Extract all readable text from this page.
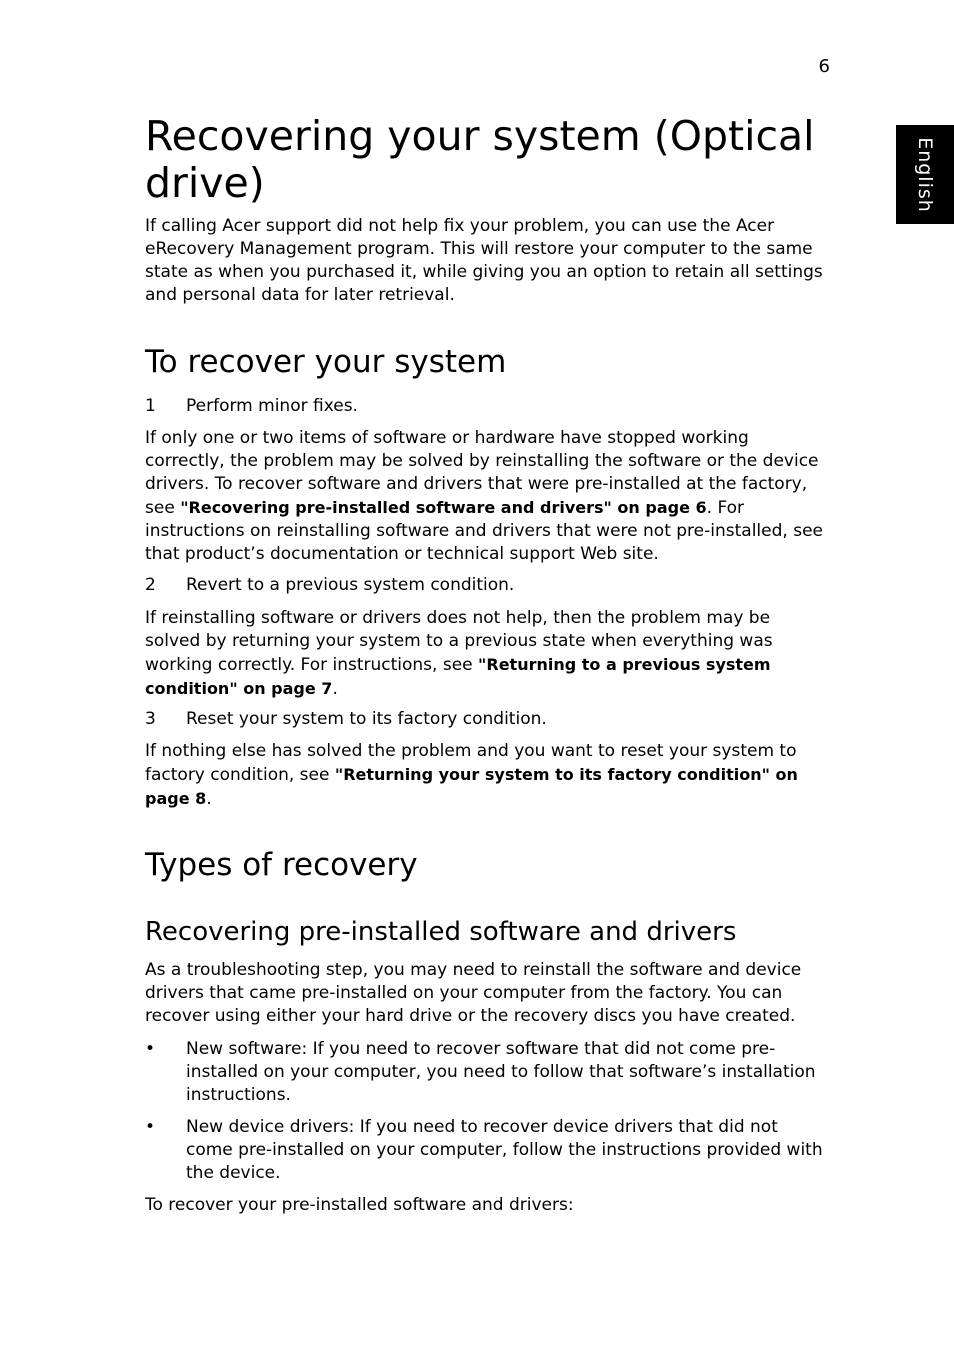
6
English
Recovering your system (Optical drive)

If calling Acer support did not help fix your problem, you can use the Acer eRecovery Management program. This will restore your computer to the same state as when you purchased it, while giving you an option to retain all settings and personal data for later retrieval.

To recover your system
1 Perform minor fixes.

If only one or two items of software or hardware have stopped working correctly, the problem may be solved by reinstalling the software or the device drivers. To recover software and drivers that were pre-installed at the factory, see "Recovering pre-installed software and drivers" on page 6. For instructions on reinstalling software and drivers that were not pre-installed, see that product’s documentation or technical support Web site.

2 Revert to a previous system condition.

If reinstalling software or drivers does not help, then the problem may be solved by returning your system to a previous state when everything was working correctly. For instructions, see "Returning to a previous system condition" on page 7.

3 Reset your system to its factory condition.

If nothing else has solved the problem and you want to reset your system to factory condition, see "Returning your system to its factory condition" on page 8.

Types of recovery
Recovering pre-installed software and drivers

As a troubleshooting step, you may need to reinstall the software and device drivers that came pre-installed on your computer from the factory. You can recover using either your hard drive or the recovery discs you have created.

• New software: If you need to recover software that did not come pre-installed on your computer, you need to follow that software’s installation instructions.
• New device drivers: If you need to recover device drivers that did not come pre-installed on your computer, follow the instructions provided with the device.

To recover your pre-installed software and drivers:
